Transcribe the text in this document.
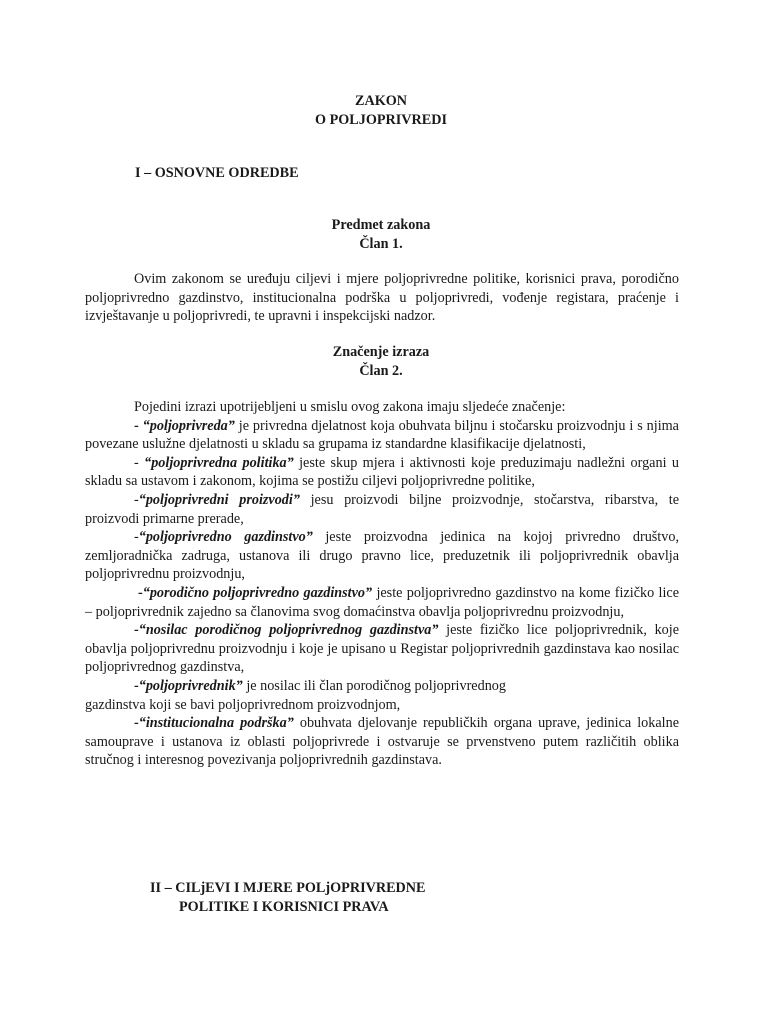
ZAKON
O POLJOPRIVREDI
I – OSNOVNE ODREDBE
Predmet zakona
Član 1.

Ovim zakonom se uređuju ciljevi i mjere poljoprivredne politike, korisnici prava, porodično poljoprivredno gazdinstvo, institucionalna podrška u poljoprivredi, vođenje registara, praćenje i izvještavanje u poljoprivredi, te upravni i inspekcijski nadzor.

Značenje izraza
Član 2.

Pojedini izrazi upotrijebljeni u smislu ovog zakona imaju sljedeće značenje:

- “poljoprivreda” je privredna djelatnost koja obuhvata biljnu i stočarsku proizvodnju i s njima povezane uslužne djelatnosti u skladu sa grupama iz standardne klasifikacije djelatnosti,

- “poljoprivredna politika” jeste skup mjera i aktivnosti koje preduzimaju nadležni organi u skladu sa ustavom i zakonom, kojima se postižu ciljevi poljoprivredne politike,

-“poljoprivredni proizvodi” jesu proizvodi biljne proizvodnje, stočarstva, ribarstva, te proizvodi primarne prerade,

-“poljoprivredno gazdinstvo” jeste proizvodna jedinica na kojoj privredno društvo, zemljoradnička zadruga, ustanova ili drugo pravno lice, preduzetnik ili poljoprivrednik obavlja poljoprivrednu proizvodnju,

-“porodično poljoprivredno gazdinstvo” jeste poljoprivredno gazdinstvo na kome fizičko lice – poljoprivrednik zajedno sa članovima svog domaćinstva obavlja poljoprivrednu proizvodnju,

-“nosilac porodičnog poljoprivrednog gazdinstva” jeste fizičko lice poljoprivrednik, koje obavlja poljoprivrednu proizvodnju i koje je upisano u Registar poljoprivrednih gazdinstava kao nosilac poljoprivrednog gazdinstva,

-“poljoprivrednik” je nosilac ili član porodičnog poljoprivrednog

gazdinstva koji se bavi poljoprivrednom proizvodnjom,

-“institucionalna podrška” obuhvata djelovanje republičkih organa uprave, jedinica lokalne samouprave i ustanova iz oblasti poljoprivrede i ostvaruje se prvenstveno putem različitih oblika stručnog i interesnog povezivanja poljoprivrednih gazdinstava.

II – CILjEVI I MJERE POLjOPRIVREDNE
POLITIKE I KORISNICI PRAVA
